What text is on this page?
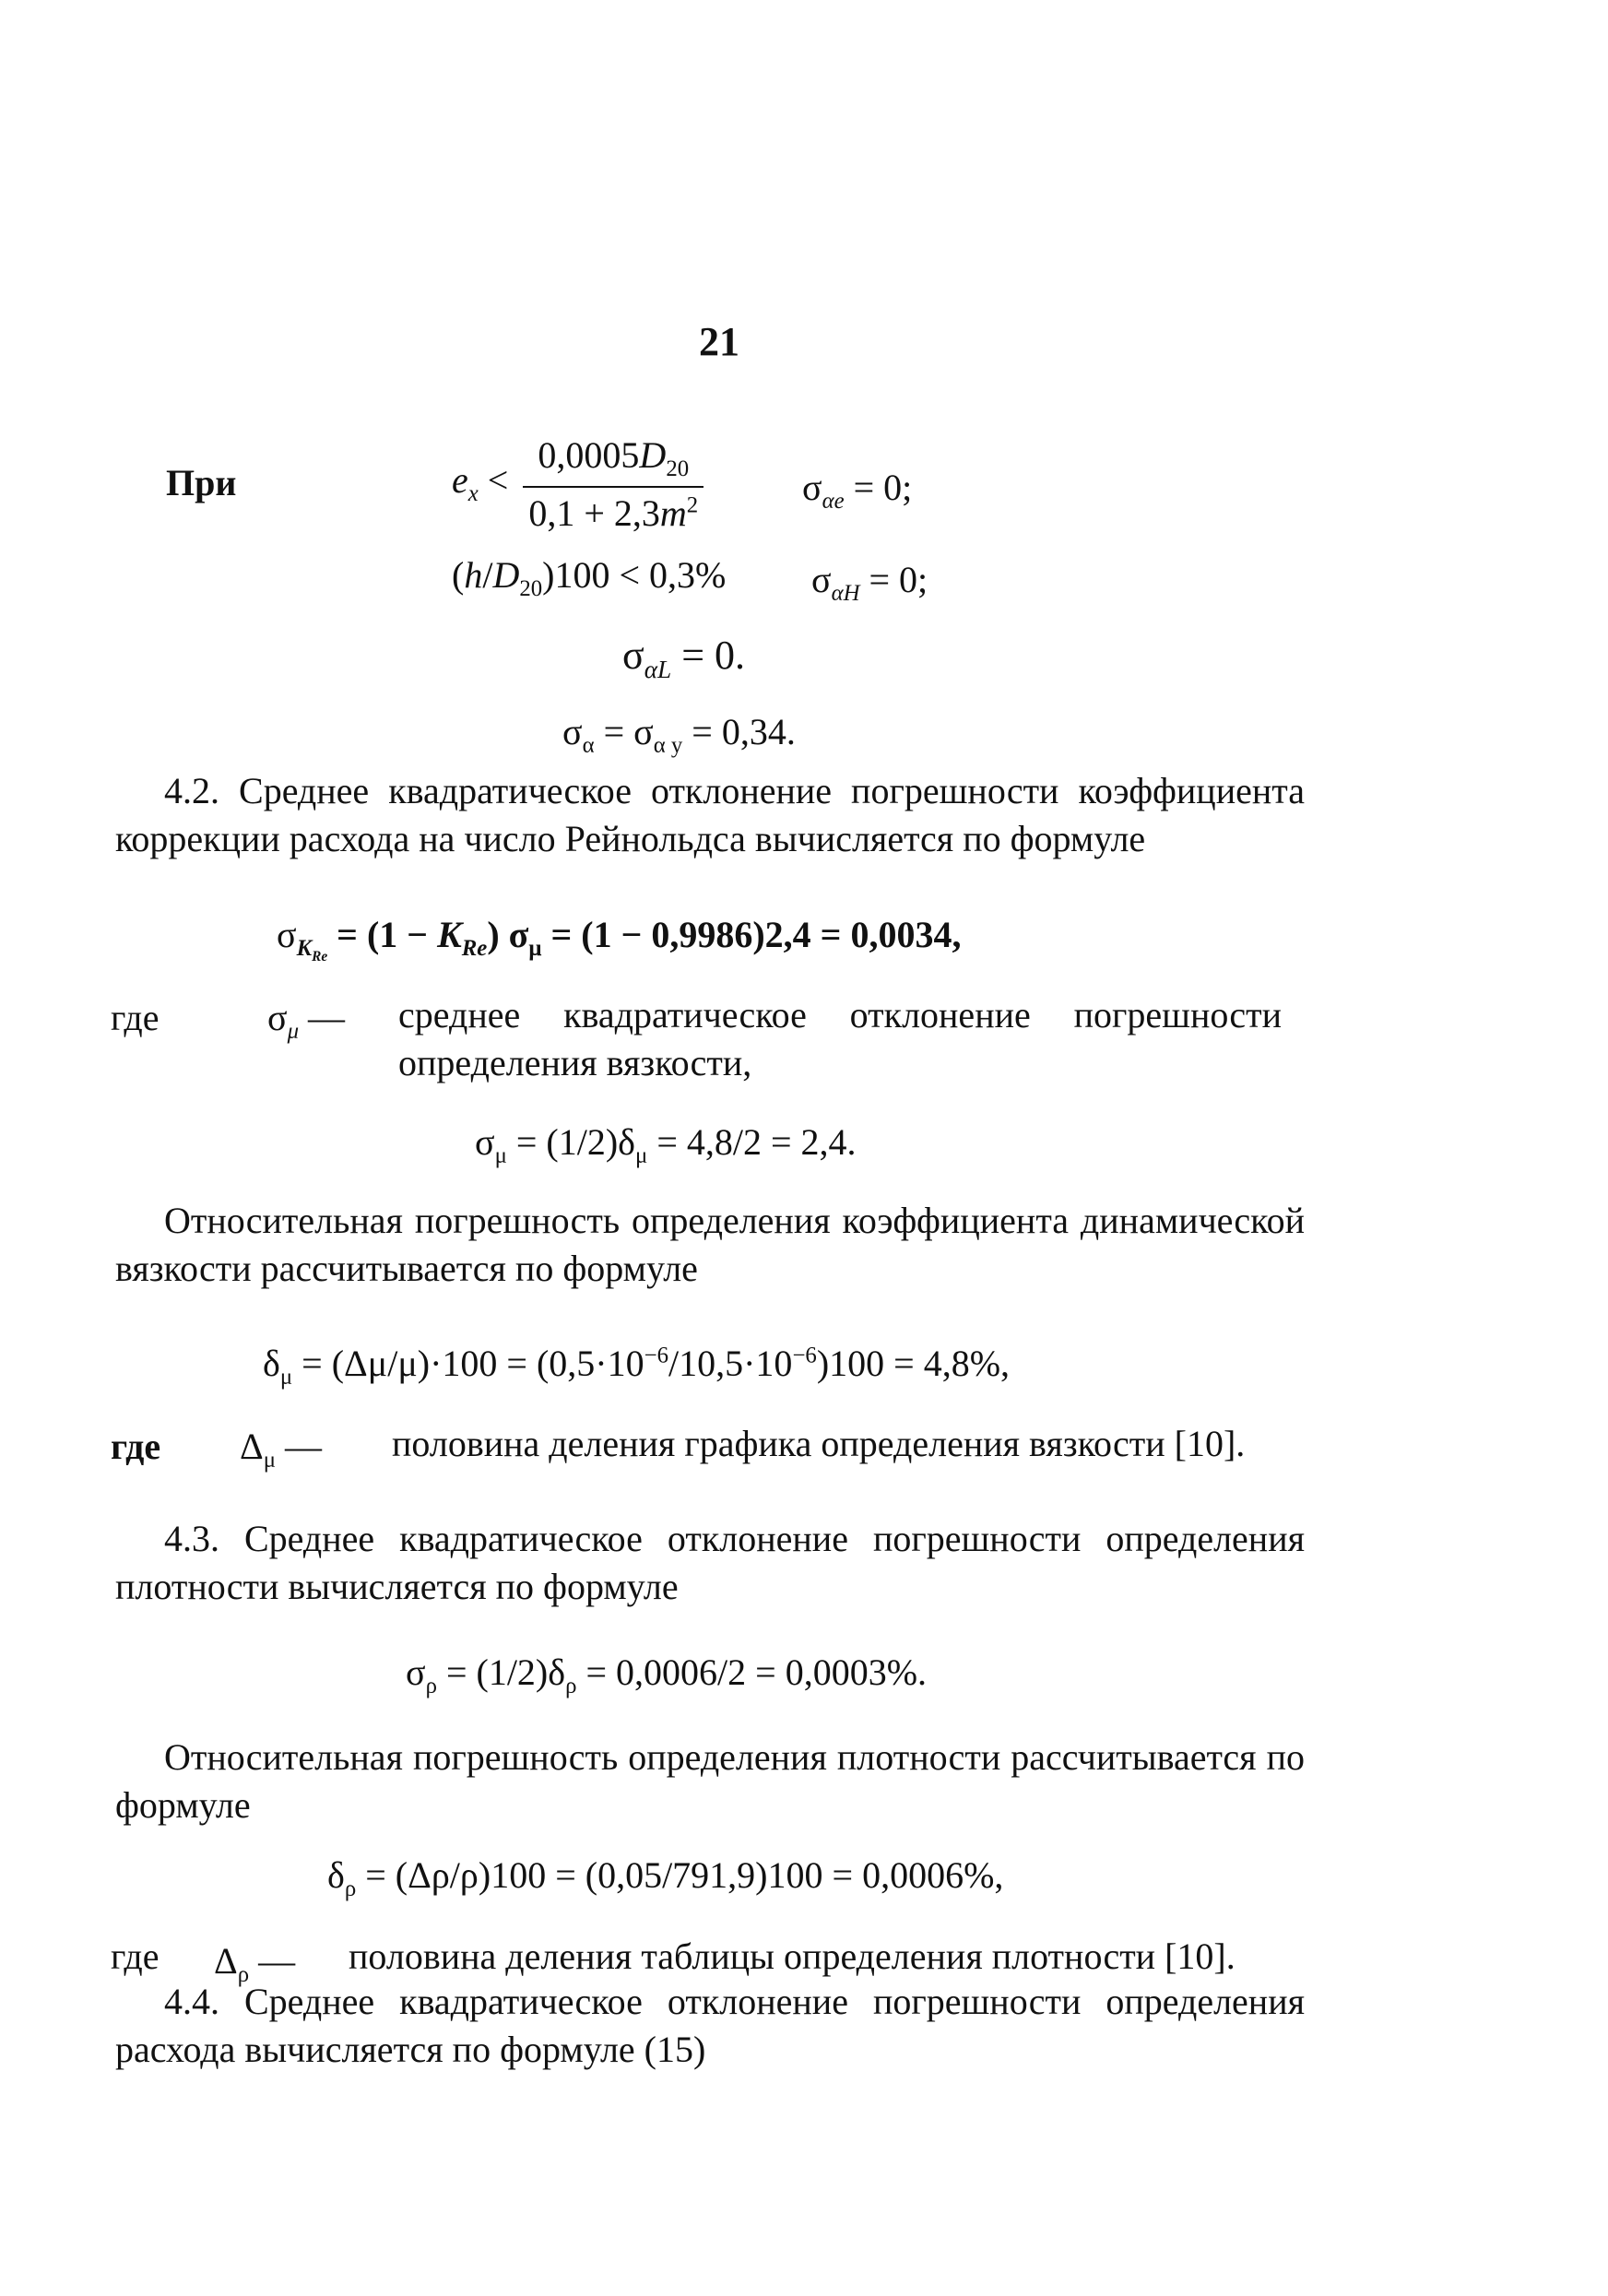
21
При	$e_x < \frac{0,0005D_{20}}{0,1 + 2,3m^2}$	$\sigma_{\alpha e} = 0$;
$(h/D_{20})100 < 0,3\%$ $\sigma_{\alpha H} = 0$;
$\sigma_{\alpha L} = 0$.
$\sigma_\alpha = \sigma_{\alpha y} = 0,34$.
4.2. Среднее квадратическое отклонение погрешности коэффициента коррекции расхода на число Рейнольдса вычисляется по формуле
$\sigma_{K_{Re}} = (1 - K_{Re}) \sigma_\mu = (1 - 0,9986)2,4 = 0,0034$,
где	$\sigma_\mu$ — среднее квадратическое отклонение погрешности определения вязкости,
$\sigma_\mu = (1/2)\delta_\mu = 4,8/2 = 2,4$.
Относительная погрешность определения коэффициента динамической вязкости рассчитывается по формуле
$\delta_\mu = (\Delta\mu/\mu)\cdot 100 = (0,5\cdot 10^{-6}/10,5\cdot 10^{-6})100 = 4,8\%$,
где $\Delta_\mu$ — половина деления графика определения вязкости [10].
4.3. Среднее квадратическое отклонение погрешности определения плотности вычисляется по формуле
$\sigma_\rho = (1/2)\delta_\rho = 0,0006/2 = 0,0003\%$.
Относительная погрешность определения плотности рассчитывается по формуле
$\delta_\rho = (\Delta\rho/\rho)100 = (0,05/791,9)100 = 0,0006\%$,
где $\Delta_\rho$ — половина деления таблицы определения плотности [10].
4.4. Среднее квадратическое отклонение погрешности определения расхода вычисляется по формуле (15)
